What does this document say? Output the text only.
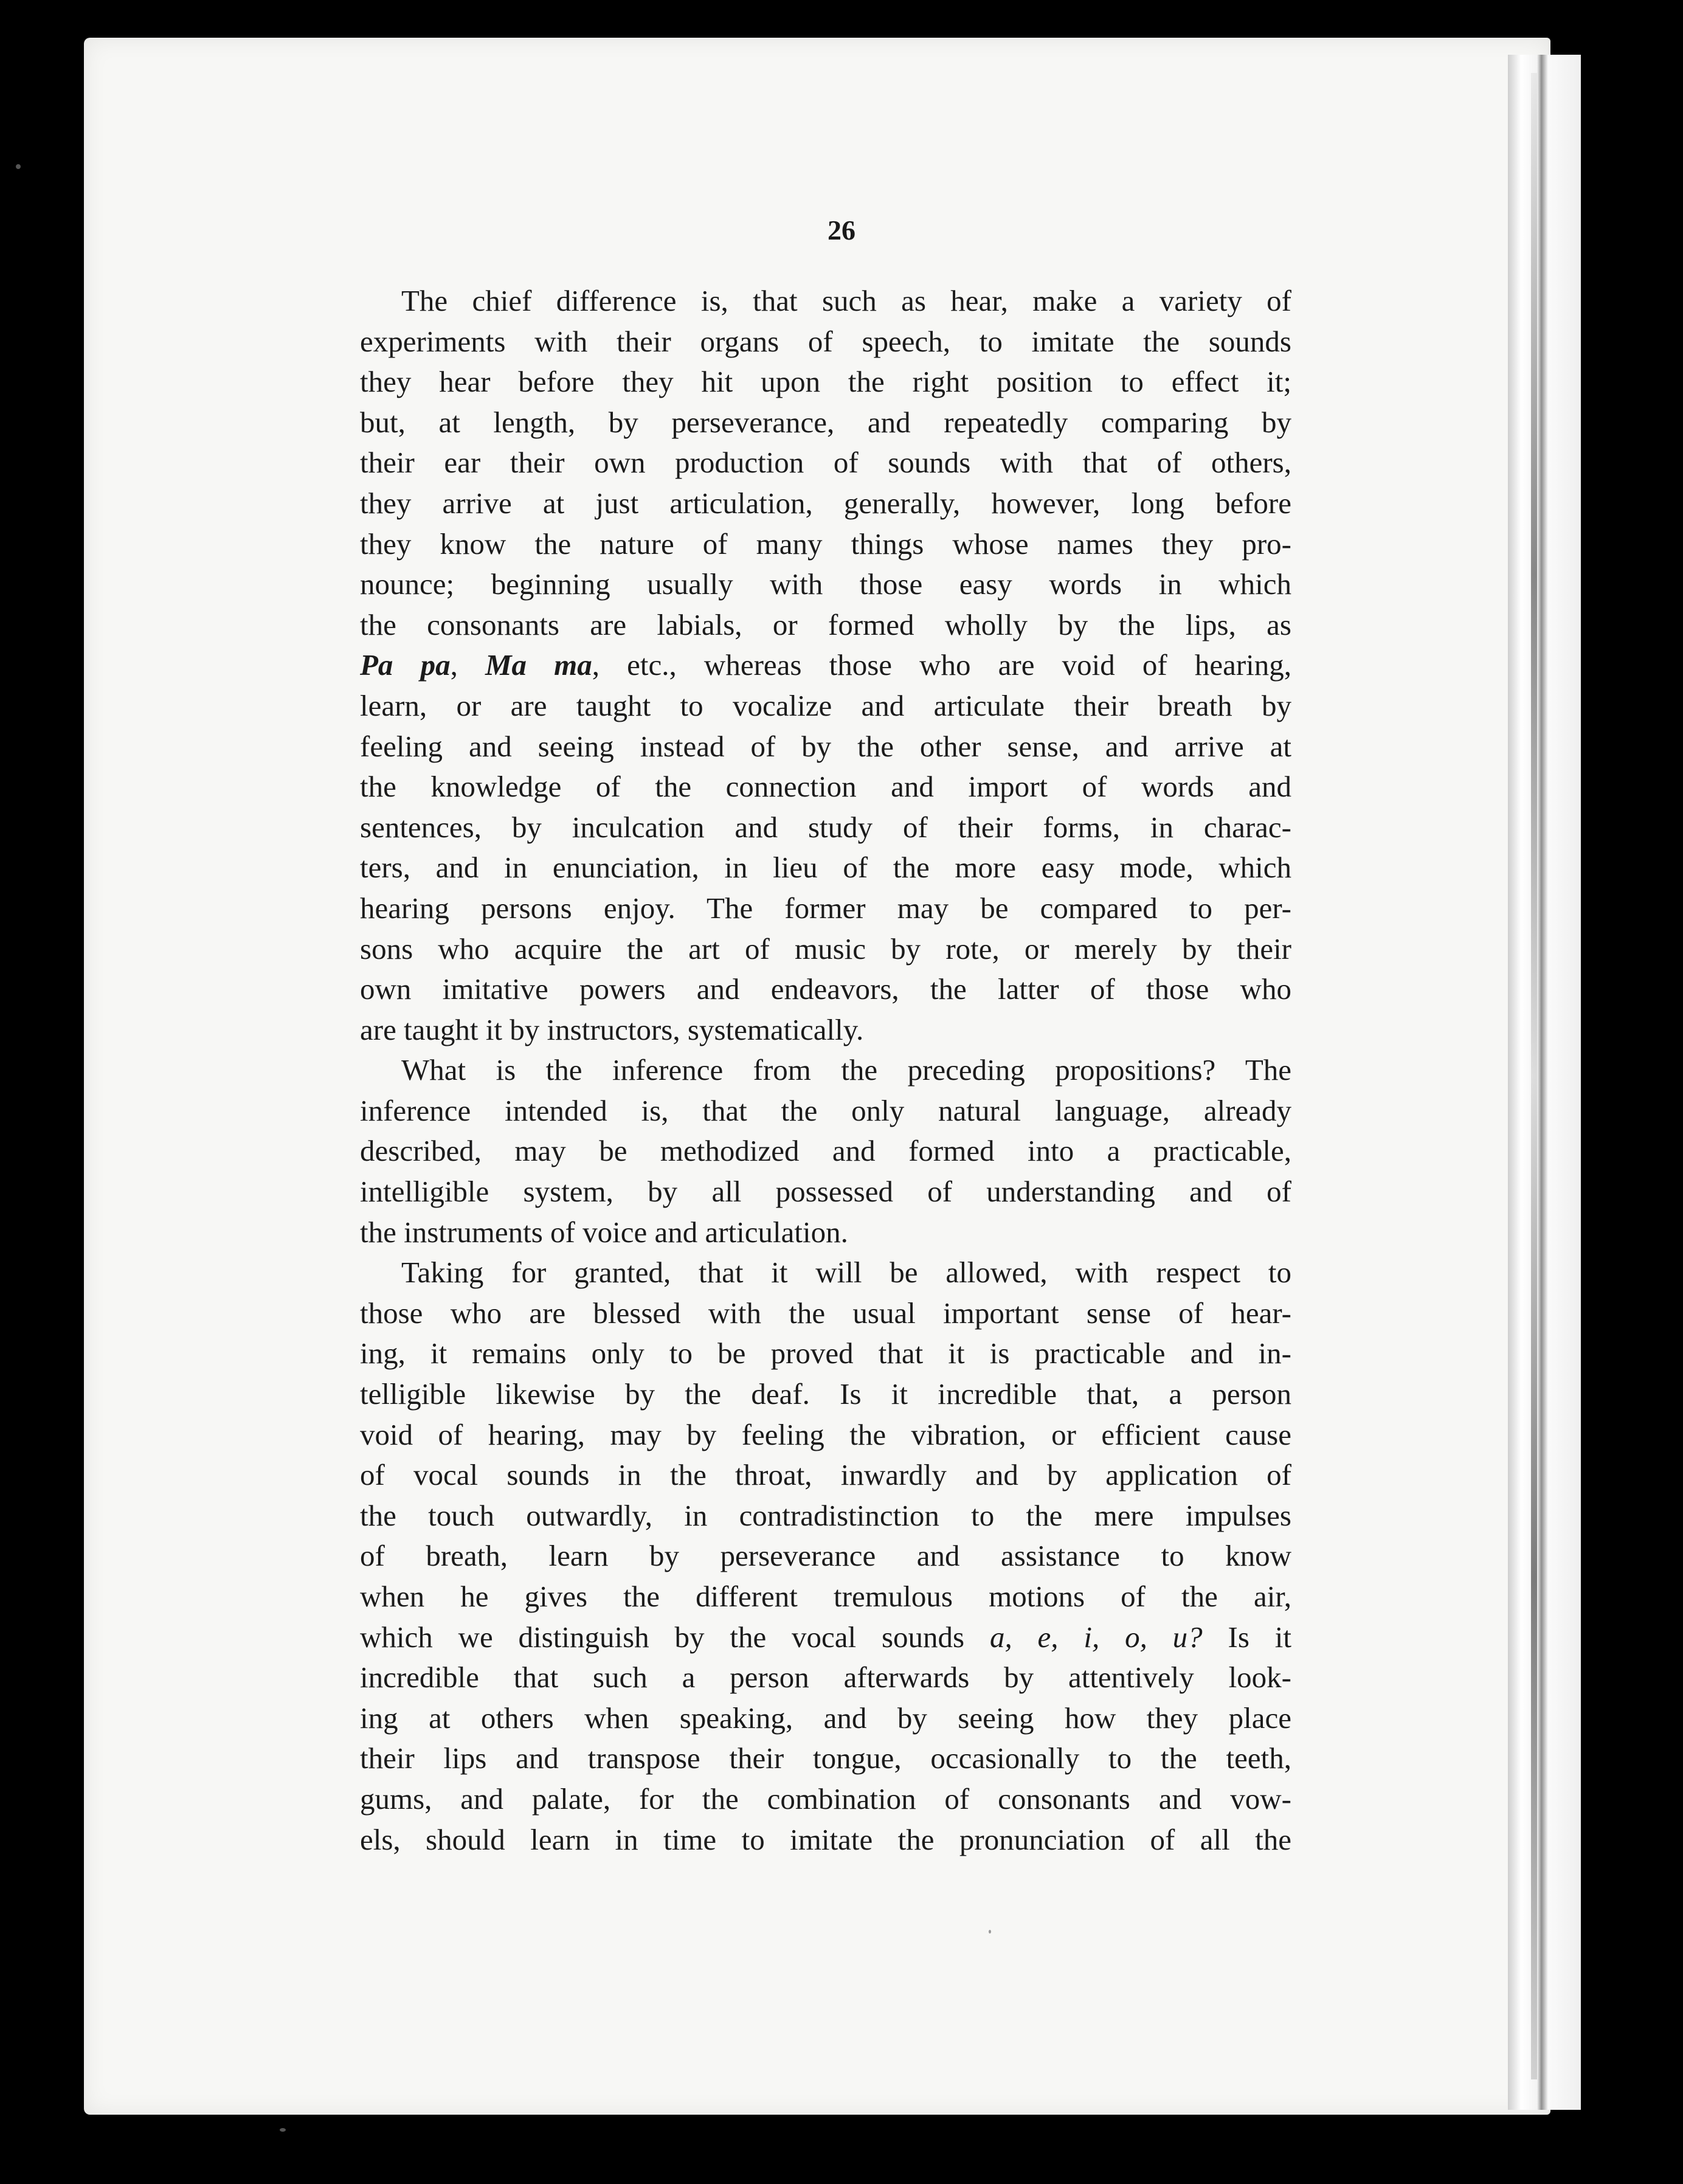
26
The chief difference is, that such as hear, make a variety of
experiments with their organs of speech, to imitate the sounds
they hear before they hit upon the right position to effect it;
but, at length, by perseverance, and repeatedly comparing by
their ear their own production of sounds with that of others,
they arrive at just articulation, generally, however, long before
they know the nature of many things whose names they pro-
nounce; beginning usually with those easy words in which
the consonants are labials, or formed wholly by the lips, as
Pa pa, Ma ma, etc., whereas those who are void of hearing,
learn, or are taught to vocalize and articulate their breath by
feeling and seeing instead of by the other sense, and arrive at
the knowledge of the connection and import of words and
sentences, by inculcation and study of their forms, in charac-
ters, and in enunciation, in lieu of the more easy mode, which
hearing persons enjoy. The former may be compared to per-
sons who acquire the art of music by rote, or merely by their
own imitative powers and endeavors, the latter of those who
are taught it by instructors, systematically.
What is the inference from the preceding propositions? The
inference intended is, that the only natural language, already
described, may be methodized and formed into a practicable,
intelligible system, by all possessed of understanding and of
the instruments of voice and articulation.
Taking for granted, that it will be allowed, with respect to
those who are blessed with the usual important sense of hear-
ing, it remains only to be proved that it is practicable and in-
telligible likewise by the deaf. Is it incredible that, a person
void of hearing, may by feeling the vibration, or efficient cause
of vocal sounds in the throat, inwardly and by application of
the touch outwardly, in contradistinction to the mere impulses
of breath, learn by perseverance and assistance to know
when he gives the different tremulous motions of the air,
which we distinguish by the vocal sounds a, e, i, o, u? Is it
incredible that such a person afterwards by attentively look-
ing at others when speaking, and by seeing how they place
their lips and transpose their tongue, occasionally to the teeth,
gums, and palate, for the combination of consonants and vow-
els, should learn in time to imitate the pronunciation of all the
